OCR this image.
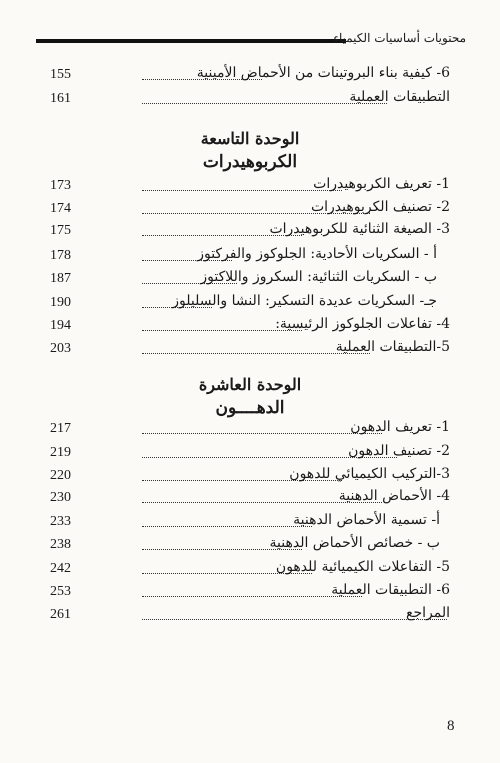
محتويات أساسيات الكيمياء
155	6- كيفية بناء البروتينات من الأحماض الأمينية
161	التطبيقات العملية
الوحدة التاسعة
الكربوهيدرات
173	1- تعريف الكربوهيدرات
174	2- تصنيف الكربوهيدرات
175	3- الصيغة الثنائية للكربوهيدرات
178	أ - السكريات الأحادية: الجلوكوز والفركتوز
187	ب - السكريات الثنائية: السكروز واللاكتوز
190	جـ- السكريات عديدة التسكير: النشا والسليلوز
194	4- تفاعلات الجلوكوز الرئيسية:
203	5-التطبيقات العملية
الوحدة العاشرة
الدهــــون
217	1- تعريف الدهون
219	2- تصنيف الدهون
220	3-التركيب الكيميائي للدهون
230	4- الأحماض الدهنية
233	أ- تسمية الأحماض الدهنية
238	ب - خصائص الأحماض الدهنية
242	5- التفاعلات الكيميائية للدهون
253	6- التطبيقات العملية
261	المراجع
8
